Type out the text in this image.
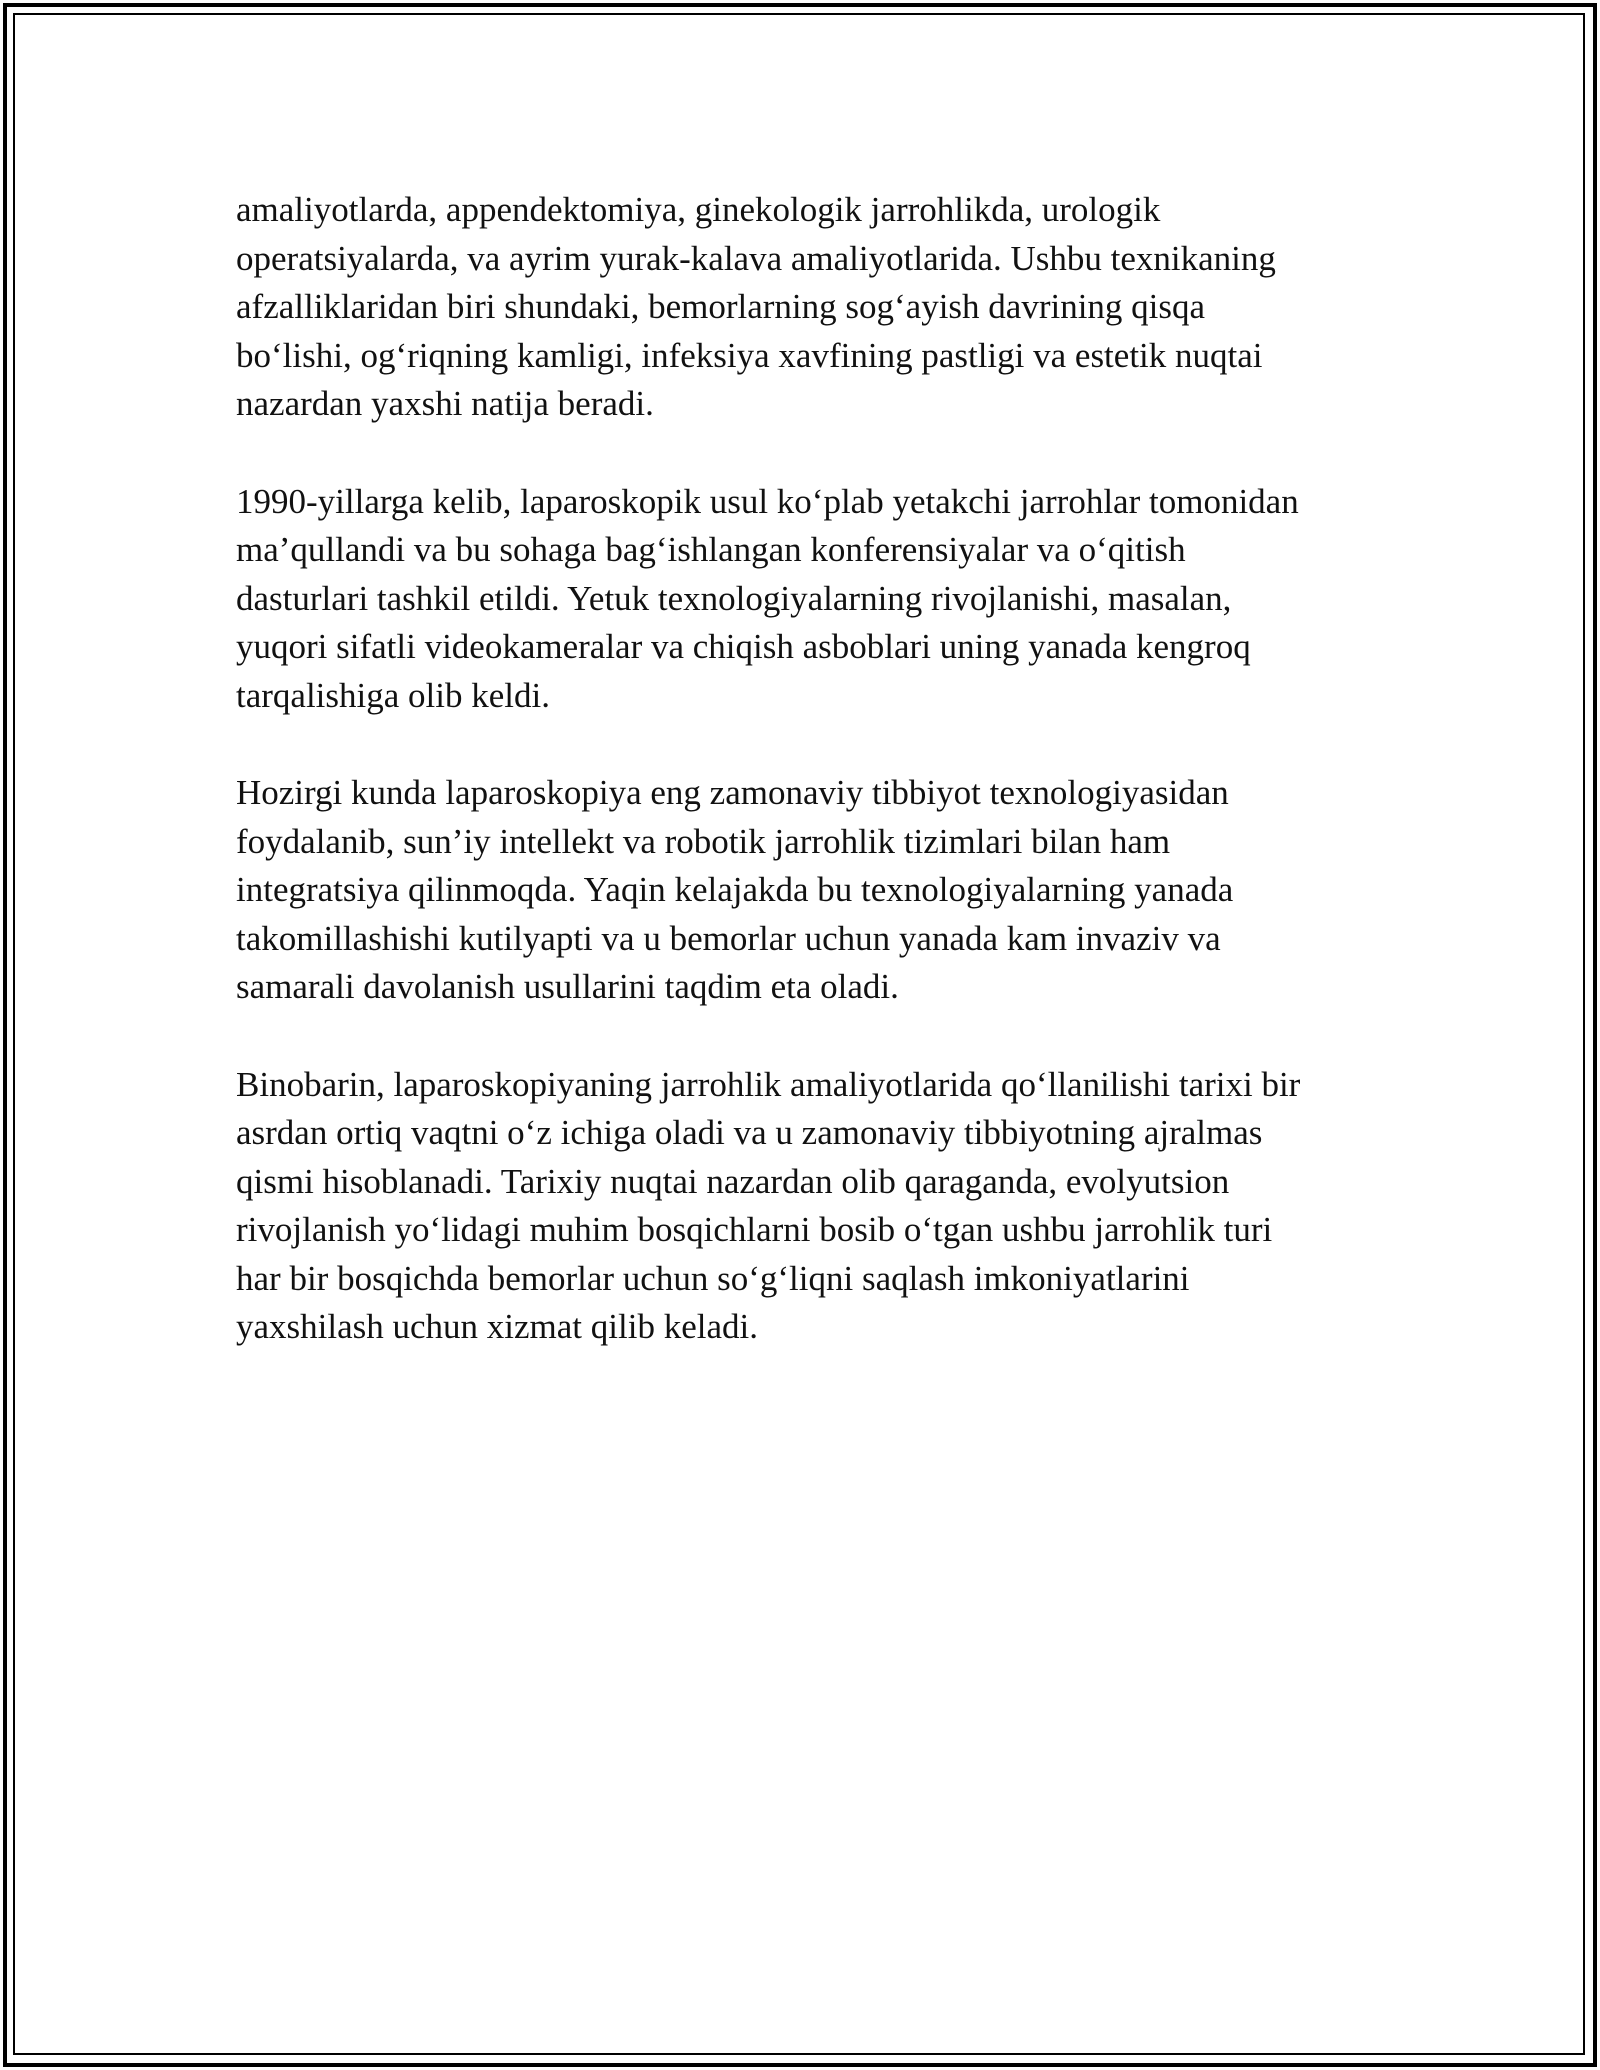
amaliyotlarda, appendektomiya, ginekologik jarrohlikda, urologik
operatsiyalarda, va ayrim yurak-kalava amaliyotlarida. Ushbu texnikaning
afzalliklaridan biri shundaki, bemorlarning sog‘ayish davrining qisqa
bo‘lishi, og‘riqning kamligi, infeksiya xavfining pastligi va estetik nuqtai
nazardan yaxshi natija beradi.

1990-yillarga kelib, laparoskopik usul ko‘plab yetakchi jarrohlar tomonidan
ma’qullandi va bu sohaga bag‘ishlangan konferensiyalar va o‘qitish
dasturlari tashkil etildi. Yetuk texnologiyalarning rivojlanishi, masalan,
yuqori sifatli videokameralar va chiqish asboblari uning yanada kengroq
tarqalishiga olib keldi.

Hozirgi kunda laparoskopiya eng zamonaviy tibbiyot texnologiyasidan
foydalanib, sun’iy intellekt va robotik jarrohlik tizimlari bilan ham
integratsiya qilinmoqda. Yaqin kelajakda bu texnologiyalarning yanada
takomillashishi kutilyapti va u bemorlar uchun yanada kam invaziv va
samarali davolanish usullarini taqdim eta oladi.

Binobarin, laparoskopiyaning jarrohlik amaliyotlarida qo‘llanilishi tarixi bir
asrdan ortiq vaqtni o‘z ichiga oladi va u zamonaviy tibbiyotning ajralmas
qismi hisoblanadi. Tarixiy nuqtai nazardan olib qaraganda, evolyutsion
rivojlanish yo‘lidagi muhim bosqichlarni bosib o‘tgan ushbu jarrohlik turi
har bir bosqichda bemorlar uchun so‘g‘liqni saqlash imkoniyatlarini
yaxshilash uchun xizmat qilib keladi.
